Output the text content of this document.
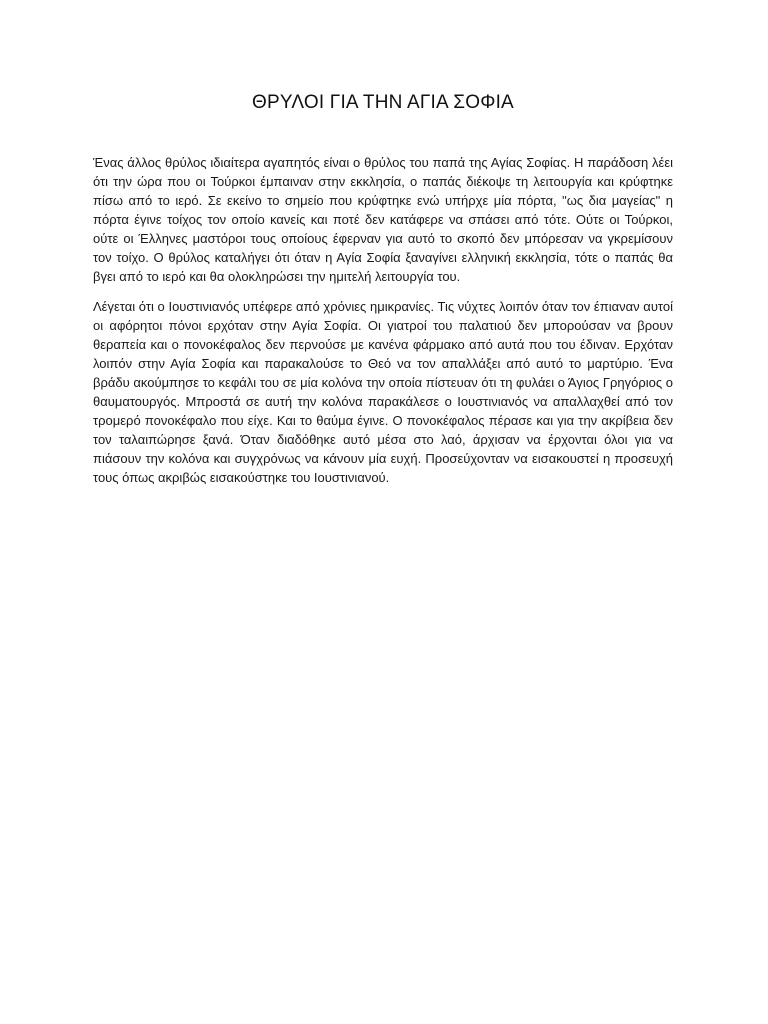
ΘΡΥΛΟΙ ΓΙΑ ΤΗΝ ΑΓΙΑ ΣΟΦΙΑ

Ένας άλλος θρύλος ιδιαίτερα αγαπητός είναι ο θρύλος του παπά της Αγίας Σοφίας. Η παράδοση λέει ότι την ώρα που οι Τούρκοι έμπαιναν στην εκκλησία, ο παπάς διέκοψε τη λειτουργία και κρύφτηκε πίσω από το ιερό. Σε εκείνο το σημείο που κρύφτηκε ενώ υπήρχε μία πόρτα, "ως δια μαγείας" η πόρτα έγινε τοίχος τον οποίο κανείς και ποτέ δεν κατάφερε να σπάσει από τότε. Ούτε οι Τούρκοι, ούτε οι Έλληνες μαστόροι τους οποίους έφερναν για αυτό το σκοπό δεν μπόρεσαν να γκρεμίσουν τον τοίχο. Ο θρύλος καταλήγει ότι όταν η Αγία Σοφία ξαναγίνει ελληνική εκκλησία, τότε ο παπάς θα βγει από το ιερό και θα ολοκληρώσει την ημιτελή λειτουργία του.

Λέγεται ότι ο Ιουστινιανός υπέφερε από χρόνιες ημικρανίες. Τις νύχτες λοιπόν όταν τον έπιαναν αυτοί οι αφόρητοι πόνοι ερχόταν στην Αγία Σοφία. Οι γιατροί του παλατιού δεν μπορούσαν να βρουν θεραπεία και ο πονοκέφαλος δεν περνούσε με κανένα φάρμακο από αυτά που του έδιναν. Ερχόταν λοιπόν στην Αγία Σοφία και παρακαλούσε το Θεό να τον απαλλάξει από αυτό το μαρτύριο. Ένα βράδυ ακούμπησε το κεφάλι του σε μία κολόνα την οποία πίστευαν ότι τη φυλάει ο Άγιος Γρηγόριος ο θαυματουργός. Μπροστά σε αυτή την κολόνα παρακάλεσε ο Ιουστινιανός να απαλλαχθεί από τον τρομερό πονοκέφαλο που είχε. Και το θαύμα έγινε. Ο πονοκέφαλος πέρασε και για την ακρίβεια δεν τον ταλαιπώρησε ξανά. Όταν διαδόθηκε αυτό μέσα στο λαό, άρχισαν να έρχονται όλοι για να πιάσουν την κολόνα και συγχρόνως να κάνουν μία ευχή. Προσεύχονταν να εισακουστεί η προσευχή τους όπως ακριβώς εισακούστηκε του Ιουστινιανού.
